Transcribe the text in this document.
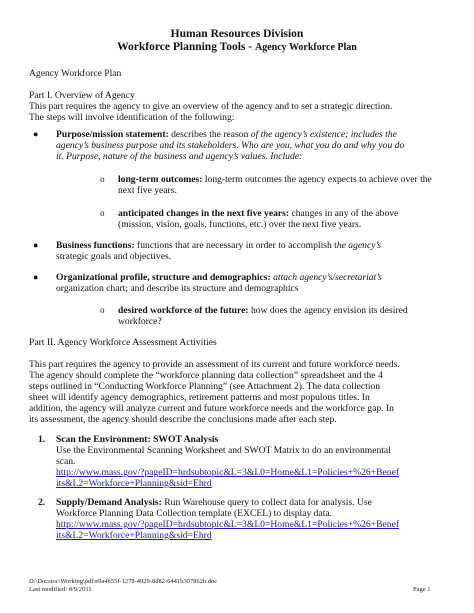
Human Resources Division
Workforce Planning Tools - Agency Workforce Plan
Agency Workforce Plan
Part I. Overview of Agency
This part requires the agency to give an overview of the agency and to set a strategic direction.
The steps will involve identification of the following:
● Purpose/mission statement: describes the reason of the agency’s existence; includes the
agency’s business purpose and its stakeholders. Who are you, what you do and why you do
it. Purpose, nature of the business and agency’s values. Include:
o long-term outcomes: long-term outcomes the agency expects to achieve over the
next five years.
o anticipated changes in the next five years: changes in any of the above
(mission, vision, goals, functions, etc.) over the next five years.
● Business functions: functions that are necessary in order to accomplish the agency’s
strategic goals and objectives.
● Organizational profile, structure and demographics: attach agency’s/secretariat’s
organization chart; and describe its structure and demographics
o desired workforce of the future: how does the agency envision its desired
workforce?
Part II. Agency Workforce Assessment Activities
This part requires the agency to provide an assessment of its current and future workforce needs.
The agency should complete the “workforce planning data collection” spreadsheet and the 4
steps outlined in “Conducting Workforce Planning” (see Attachment 2). The data collection
sheet will identify agency demographics, retirement patterns and most populous titles. In
addition, the agency will analyze current and future workforce needs and the workforce gap. In
its assessment, the agency should describe the conclusions made after each step.
1. Scan the Environment: SWOT Analysis
Use the Environmental Scanning Worksheet and SWOT Matrix to do an environmental
scan.
http://www.mass.gov/?pageID=hrdsubtopic&L=3&L0=Home&L1=Policies+%26+Benef
its&L2=Workforce+Planning&sid=Ehrd
2. Supply/Demand Analysis: Run Warehouse query to collect data for analysis. Use
Workforce Planning Data Collection template (EXCEL) to display data.
http://www.mass.gov/?pageID=hrdsubtopic&L=3&L0=Home&L1=Policies+%26+Benef
its&L2=Workforce+Planning&sid=Ehrd
D:\Docstoc\Working\pdf\e9a4b55f-1278-4929-8d82-6441b307862b.doc
Last modified: 8/9/2011	Page 1
